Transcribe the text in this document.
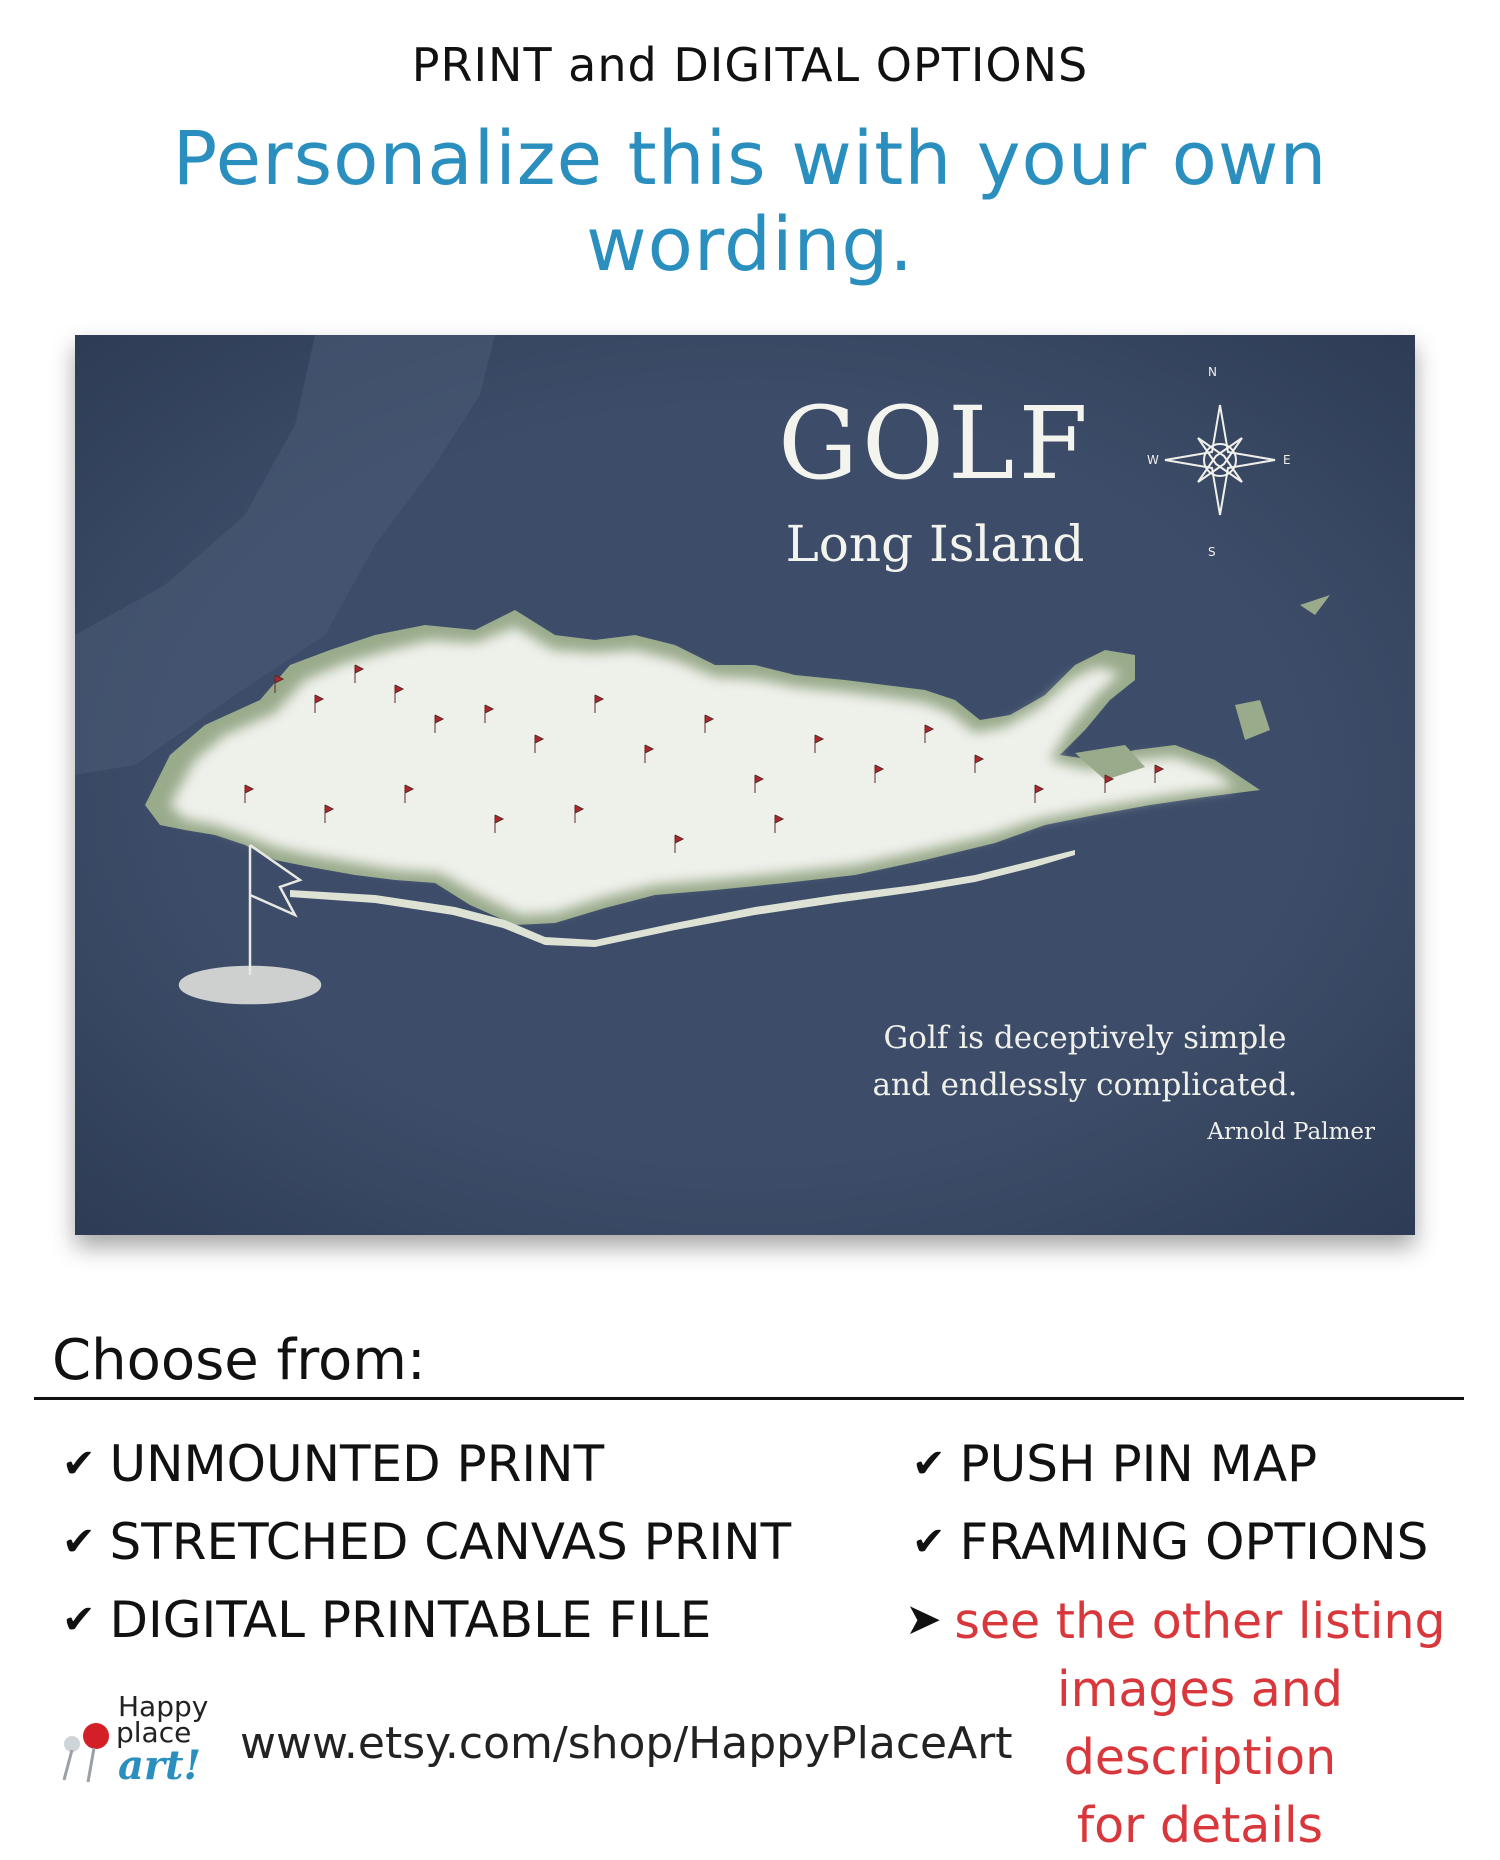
PRINT and DIGITAL OPTIONS
Personalize this with your own wording.
GOLF
Long Island
N
S
E
W
Golf is deceptively simple
and endlessly complicated.
Arnold Palmer
Choose from:
✔ UNMOUNTED PRINT
✔ STRETCHED CANVAS PRINT
✔ DIGITAL PRINTABLE FILE
✔ PUSH PIN MAP
✔ FRAMING OPTIONS
➤ see the other listing
images and description
for details
Happy
place
art! www.etsy.com/shop/HappyPlaceArt
